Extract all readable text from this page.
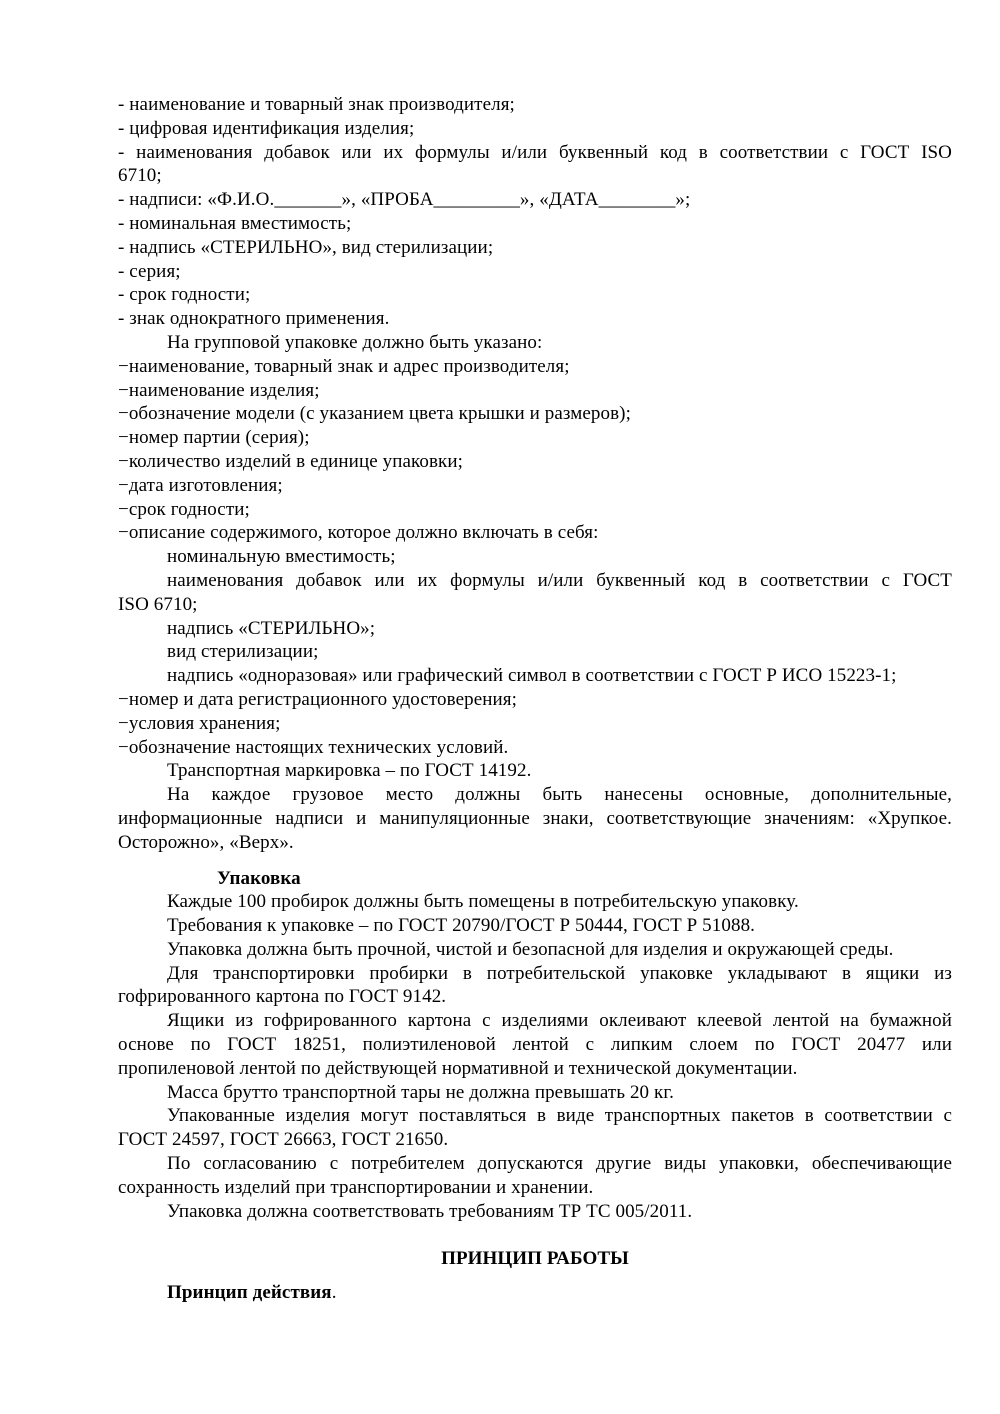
- наименование и товарный знак производителя;
- цифровая идентификация изделия;
- наименования добавок или их формулы и/или буквенный код в соответствии с ГОСТ ISO
6710;
- надписи: «Ф.И.О._______», «ПРОБА_________», «ДАТА________»;
- номинальная вместимость;
- надпись «СТЕРИЛЬНО», вид стерилизации;
- серия;
- срок годности;
- знак однократного применения.
На групповой упаковке должно быть указано:
−наименование, товарный знак и адрес производителя;
−наименование изделия;
−обозначение модели (с указанием цвета крышки и размеров);
−номер партии (серия);
−количество изделий в единице упаковки;
−дата изготовления;
−срок годности;
−описание содержимого, которое должно включать в себя:
номинальную вместимость;
наименования добавок или их формулы и/или буквенный код в соответствии с ГОСТ
ISO 6710;
надпись «СТЕРИЛЬНО»;
вид стерилизации;
надпись «одноразовая» или графический символ в соответствии с ГОСТ Р ИСО 15223-1;
−номер и дата регистрационного удостоверения;
−условия хранения;
−обозначение настоящих технических условий.
Транспортная маркировка – по ГОСТ 14192.
На каждое грузовое место должны быть нанесены основные, дополнительные,
информационные надписи и манипуляционные знаки, соответствующие значениям: «Хрупкое.
Осторожно», «Верх».
Упаковка
Каждые 100 пробирок должны быть помещены в потребительскую упаковку.
Требования к упаковке – по ГОСТ 20790/ГОСТ Р 50444, ГОСТ Р 51088.
Упаковка должна быть прочной, чистой и безопасной для изделия и окружающей среды.
Для транспортировки пробирки в потребительской упаковке укладывают в ящики из
гофрированного картона по ГОСТ 9142.
Ящики из гофрированного картона с изделиями оклеивают клеевой лентой на бумажной
основе по ГОСТ 18251, полиэтиленовой лентой с липким слоем по ГОСТ 20477 или
пропиленовой лентой по действующей нормативной и технической документации.
Масса брутто транспортной тары не должна превышать 20 кг.
Упакованные изделия могут поставляться в виде транспортных пакетов в соответствии с
ГОСТ 24597, ГОСТ 26663, ГОСТ 21650.
По согласованию с потребителем допускаются другие виды упаковки, обеспечивающие
сохранность изделий при транспортировании и хранении.
Упаковка должна соответствовать требованиям ТР ТС 005/2011.
ПРИНЦИП РАБОТЫ
Принцип действия.
